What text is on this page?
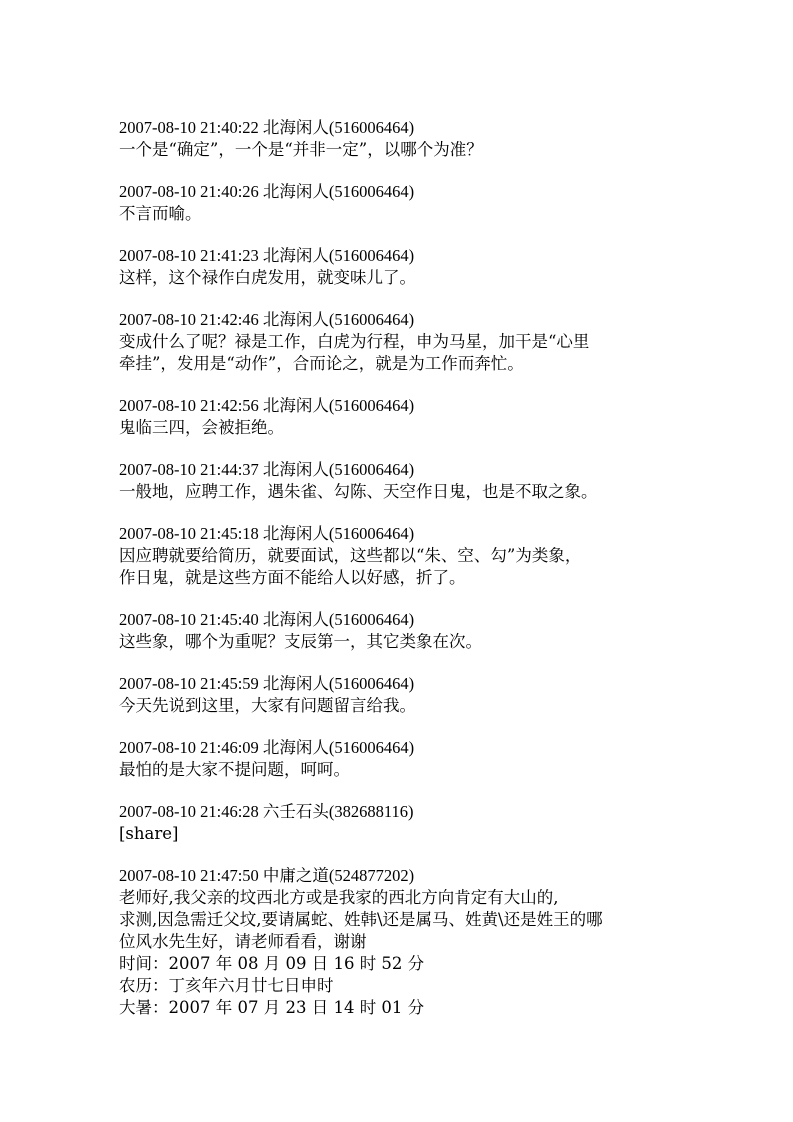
2007-08-10 21:40:22 北海闲人(516006464)
一个是“确定”，一个是“并非一定”，以哪个为准？
2007-08-10 21:40:26 北海闲人(516006464)
不言而喻。
2007-08-10 21:41:23 北海闲人(516006464)
这样，这个禄作白虎发用，就变味儿了。
2007-08-10 21:42:46 北海闲人(516006464)
变成什么了呢？禄是工作，白虎为行程，申为马星，加干是“心里
牵挂”，发用是“动作”，合而论之，就是为工作而奔忙。
2007-08-10 21:42:56 北海闲人(516006464)
鬼临三四，会被拒绝。
2007-08-10 21:44:37 北海闲人(516006464)
一般地，应聘工作，遇朱雀、勾陈、天空作日鬼，也是不取之象。
2007-08-10 21:45:18 北海闲人(516006464)
因应聘就要给简历，就要面试，这些都以“朱、空、勾”为类象，
作日鬼，就是这些方面不能给人以好感，折了。
2007-08-10 21:45:40 北海闲人(516006464)
这些象，哪个为重呢？支辰第一，其它类象在次。
2007-08-10 21:45:59 北海闲人(516006464)
今天先说到这里，大家有问题留言给我。
2007-08-10 21:46:09 北海闲人(516006464)
最怕的是大家不提问题，呵呵。
2007-08-10 21:46:28 六壬石头(382688116)
[share]
2007-08-10 21:47:50 中庸之道(524877202)
老师好,我父亲的坟西北方或是我家的西北方向肯定有大山的,
求测,因急需迁父坟,要请属蛇、姓韩\还是属马、姓黄\还是姓王的哪
位风水先生好，请老师看看，谢谢
时间：2007 年 08 月 09 日 16 时 52 分
农历：丁亥年六月廿七日申时
大暑：2007 年 07 月 23 日 14 时 01 分
